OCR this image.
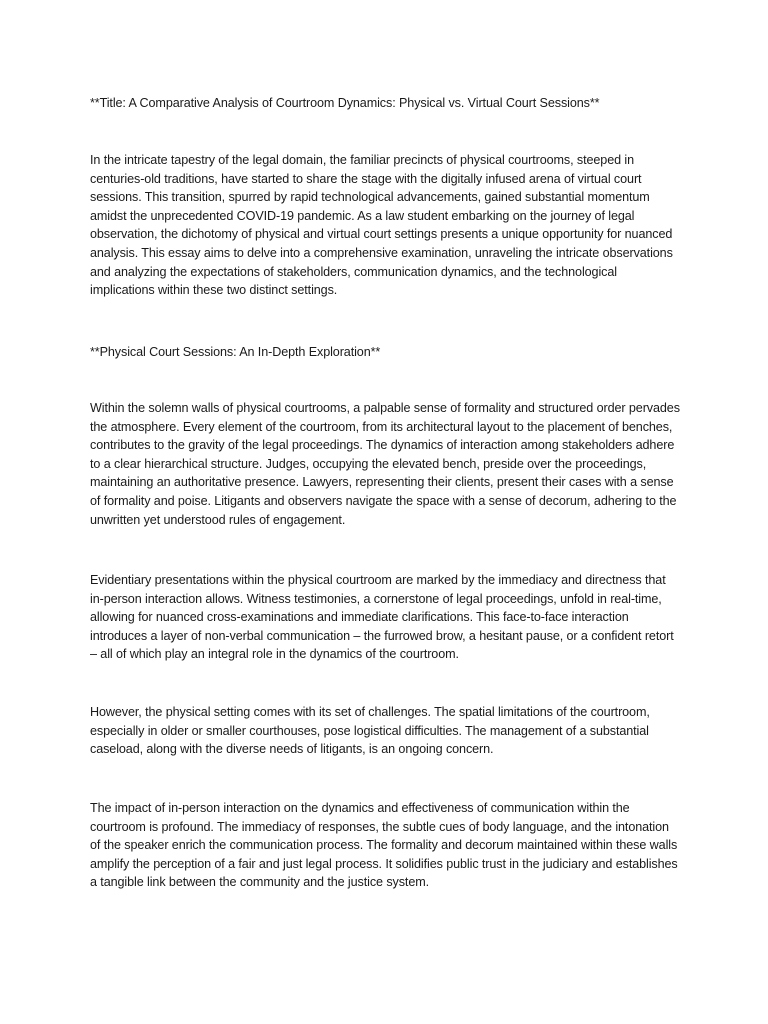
**Title: A Comparative Analysis of Courtroom Dynamics: Physical vs. Virtual Court Sessions**

In the intricate tapestry of the legal domain, the familiar precincts of physical courtrooms, steeped in centuries-old traditions, have started to share the stage with the digitally infused arena of virtual court sessions. This transition, spurred by rapid technological advancements, gained substantial momentum amidst the unprecedented COVID-19 pandemic. As a law student embarking on the journey of legal observation, the dichotomy of physical and virtual court settings presents a unique opportunity for nuanced analysis. This essay aims to delve into a comprehensive examination, unraveling the intricate observations and analyzing the expectations of stakeholders, communication dynamics, and the technological implications within these two distinct settings.

**Physical Court Sessions: An In-Depth Exploration**

Within the solemn walls of physical courtrooms, a palpable sense of formality and structured order pervades the atmosphere. Every element of the courtroom, from its architectural layout to the placement of benches, contributes to the gravity of the legal proceedings. The dynamics of interaction among stakeholders adhere to a clear hierarchical structure. Judges, occupying the elevated bench, preside over the proceedings, maintaining an authoritative presence. Lawyers, representing their clients, present their cases with a sense of formality and poise. Litigants and observers navigate the space with a sense of decorum, adhering to the unwritten yet understood rules of engagement.

Evidentiary presentations within the physical courtroom are marked by the immediacy and directness that in-person interaction allows. Witness testimonies, a cornerstone of legal proceedings, unfold in real-time, allowing for nuanced cross-examinations and immediate clarifications. This face-to-face interaction introduces a layer of non-verbal communication – the furrowed brow, a hesitant pause, or a confident retort – all of which play an integral role in the dynamics of the courtroom.

However, the physical setting comes with its set of challenges. The spatial limitations of the courtroom, especially in older or smaller courthouses, pose logistical difficulties. The management of a substantial caseload, along with the diverse needs of litigants, is an ongoing concern.

The impact of in-person interaction on the dynamics and effectiveness of communication within the courtroom is profound. The immediacy of responses, the subtle cues of body language, and the intonation of the speaker enrich the communication process. The formality and decorum maintained within these walls amplify the perception of a fair and just legal process. It solidifies public trust in the judiciary and establishes a tangible link between the community and the justice system.
